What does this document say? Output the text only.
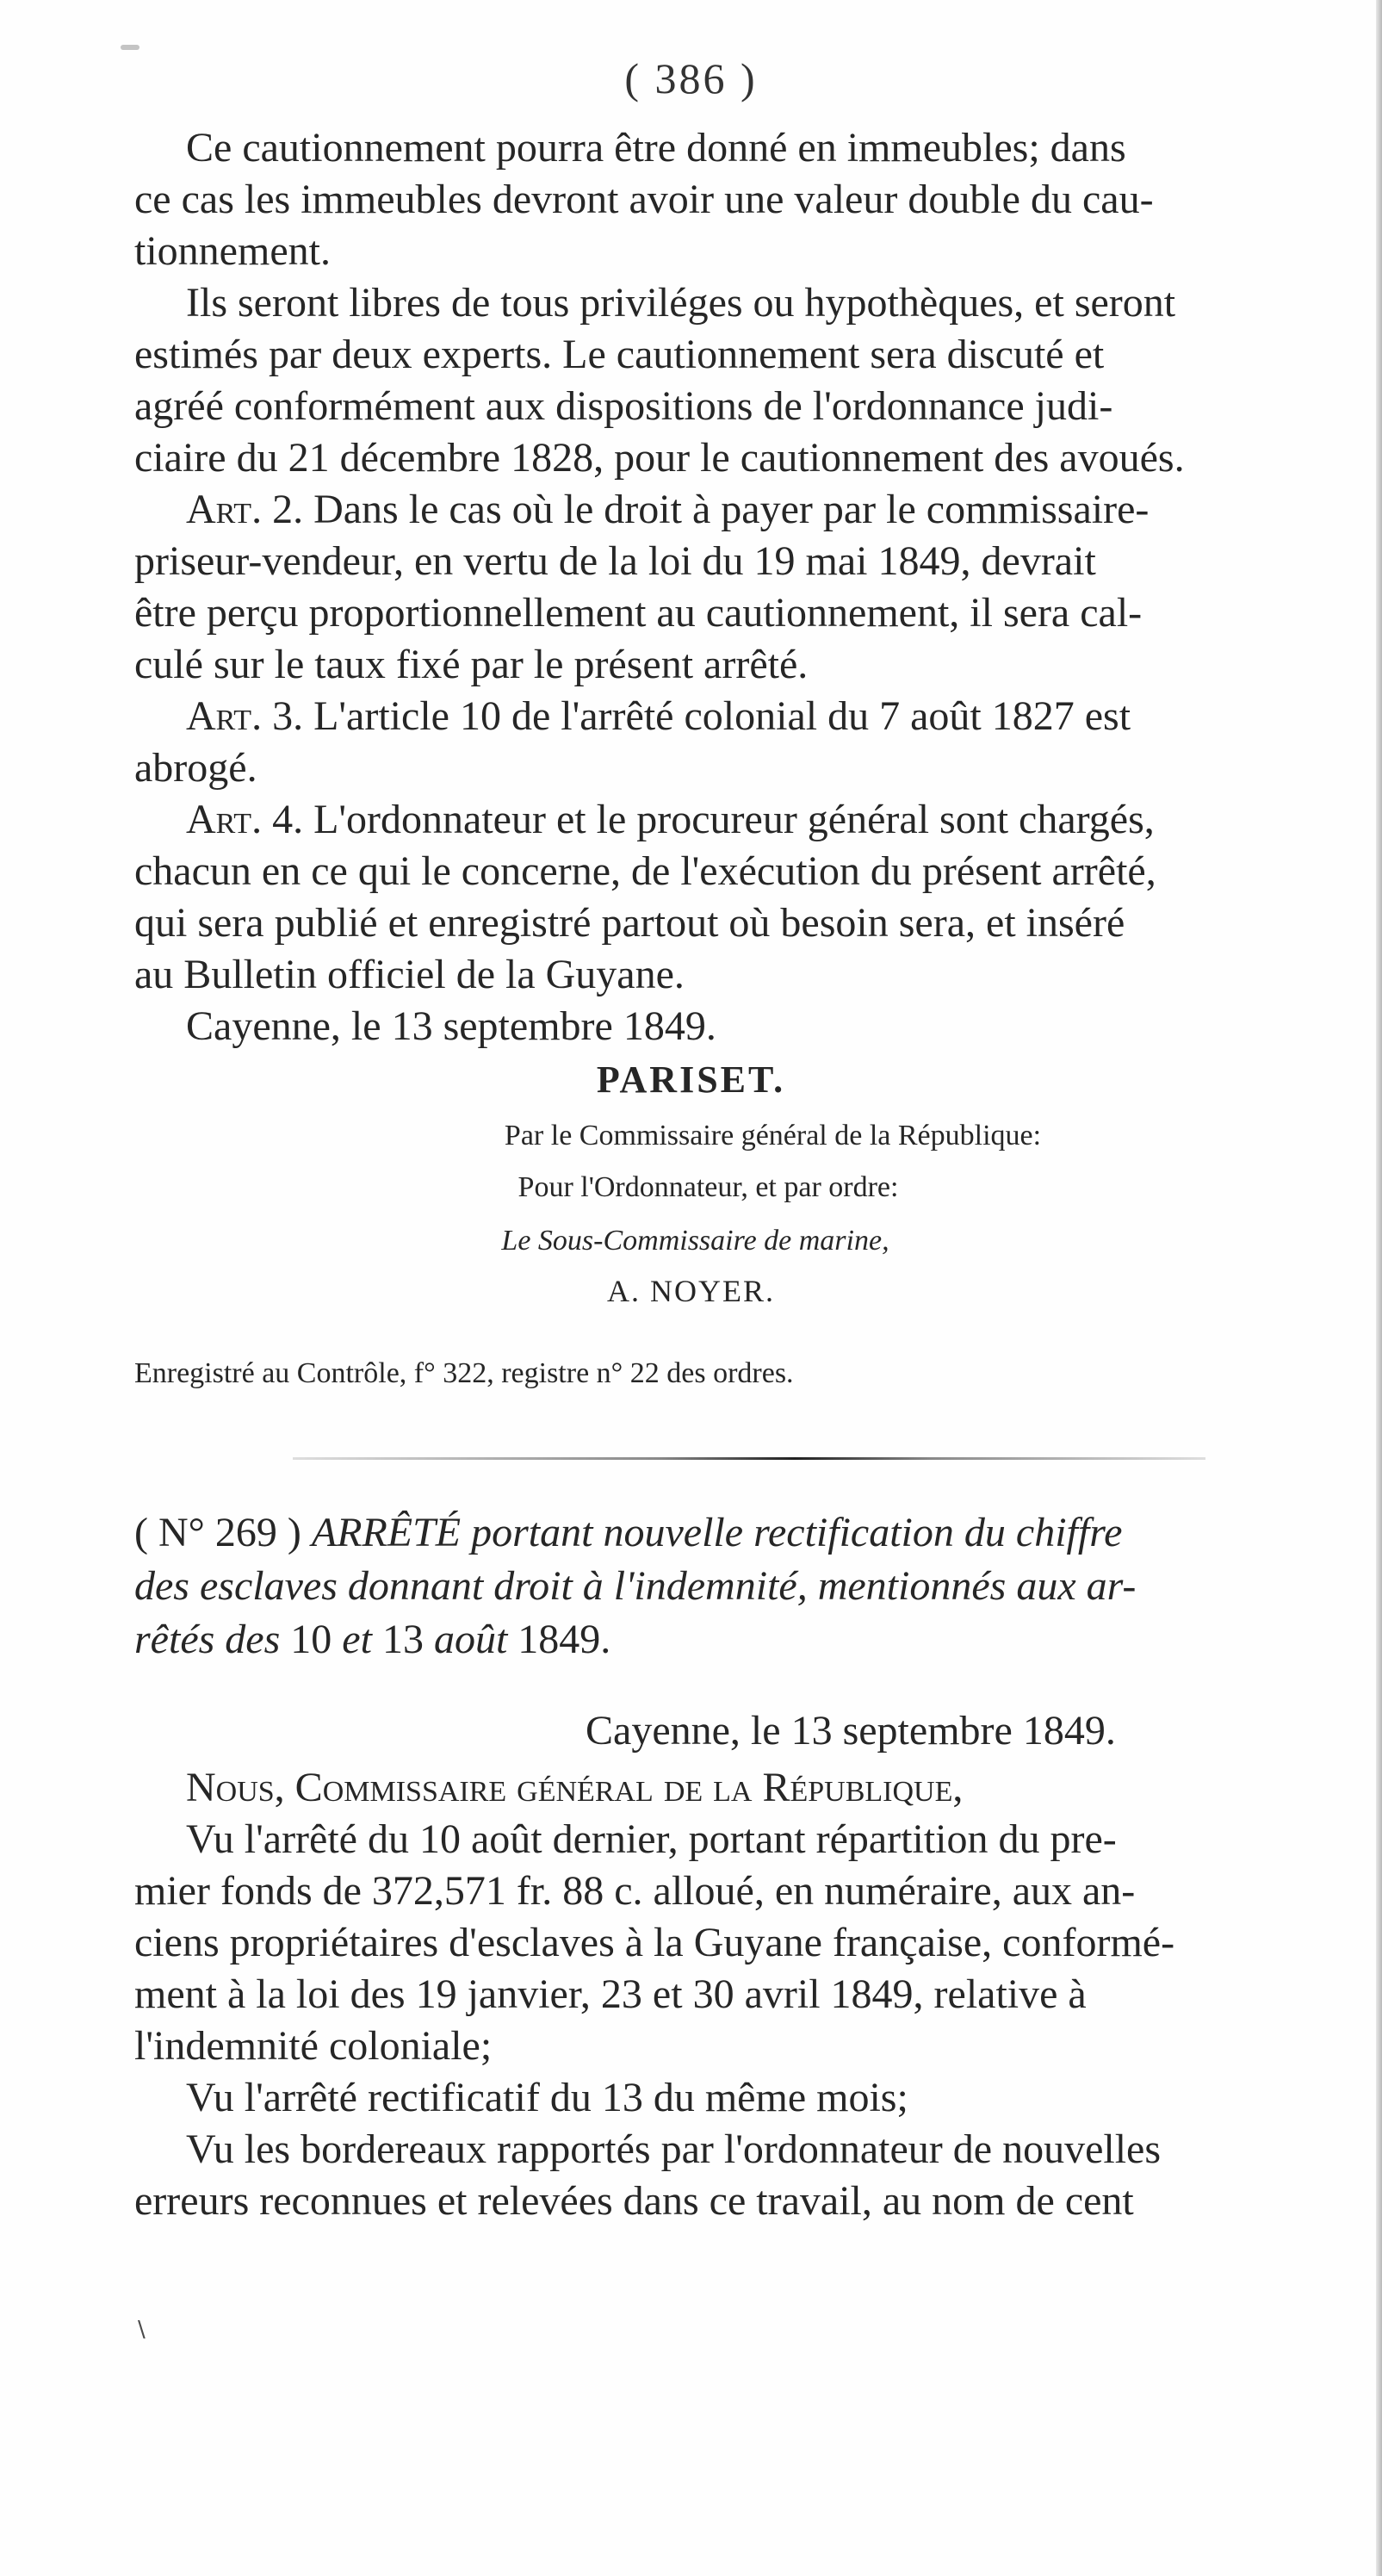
( 386 )
Ce cautionnement pourra être donné en immeubles; dans
ce cas les immeubles devront avoir une valeur double du cau-
tionnement.
Ils seront libres de tous priviléges ou hypothèques, et seront
estimés par deux experts. Le cautionnement sera discuté et
agréé conformément aux dispositions de l'ordonnance judi-
ciaire du 21 décembre 1828, pour le cautionnement des avoués.
Art. 2. Dans le cas où le droit à payer par le commissaire-
priseur-vendeur, en vertu de la loi du 19 mai 1849, devrait
être perçu proportionnellement au cautionnement, il sera cal-
culé sur le taux fixé par le présent arrêté.
Art. 3. L'article 10 de l'arrêté colonial du 7 août 1827 est
abrogé.
Art. 4. L'ordonnateur et le procureur général sont chargés,
chacun en ce qui le concerne, de l'exécution du présent arrêté,
qui sera publié et enregistré partout où besoin sera, et inséré
au Bulletin officiel de la Guyane.
Cayenne, le 13 septembre 1849.
PARISET.
Par le Commissaire général de la République:
Pour l'Ordonnateur, et par ordre:
Le Sous-Commissaire de marine,
A. NOYER.
Enregistré au Contrôle, f° 322, registre n° 22 des ordres.
( N° 269 ) ARRÊTÉ portant nouvelle rectification du chiffre
des esclaves donnant droit à l'indemnité, mentionnés aux ar-
rêtés des 10 et 13 août 1849.
Cayenne, le 13 septembre 1849.
Nous, Commissaire général de la République,
Vu l'arrêté du 10 août dernier, portant répartition du pre-
mier fonds de 372,571 fr. 88 c. alloué, en numéraire, aux an-
ciens propriétaires d'esclaves à la Guyane française, conformé-
ment à la loi des 19 janvier, 23 et 30 avril 1849, relative à
l'indemnité coloniale;
Vu l'arrêté rectificatif du 13 du même mois;
Vu les bordereaux rapportés par l'ordonnateur de nouvelles
erreurs reconnues et relevées dans ce travail, au nom de cent
\
